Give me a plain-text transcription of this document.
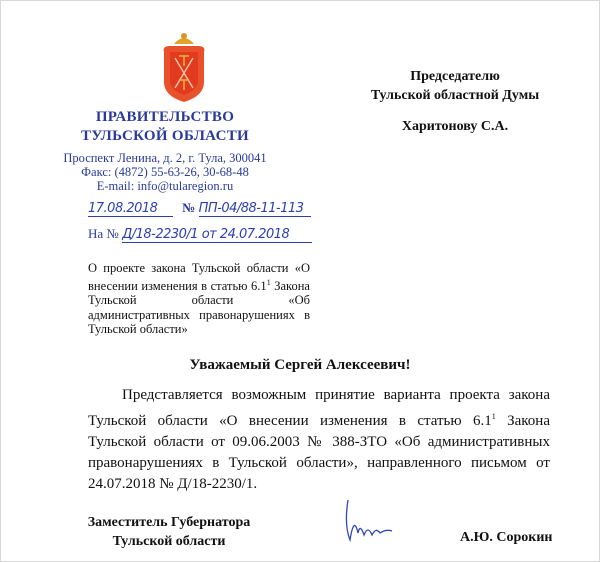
ПРАВИТЕЛЬСТВО
ТУЛЬСКОЙ ОБЛАСТИ
Проспект Ленина, д. 2, г. Тула, 300041
Факс: (4872) 55-63-26, 30-68-48
E-mail: info@tularegion.ru
17.08.2018 № ПП-04/88-11-113
На № Д/18-2230/1 от 24.07.2018
Председателю
Тульской областной Думы
Харитонову С.А.
О проекте закона Тульской области «О внесении изменения в статью $6.1^1$ Закона Тульской области «Об административных правонарушениях в Тульской области»
Уважаемый Сергей Алексеевич!
Представляется возможным принятие варианта проекта закона Тульской области «О внесении изменения в статью $6.1^1$ Закона Тульской области от 09.06.2003 № 388-ЗТО «Об административных правонарушениях в Тульской области», направленного письмом от 24.07.2018 № Д/18-2230/1.
Заместитель Губернатора
Тульской области	А.Ю. Сорокин
